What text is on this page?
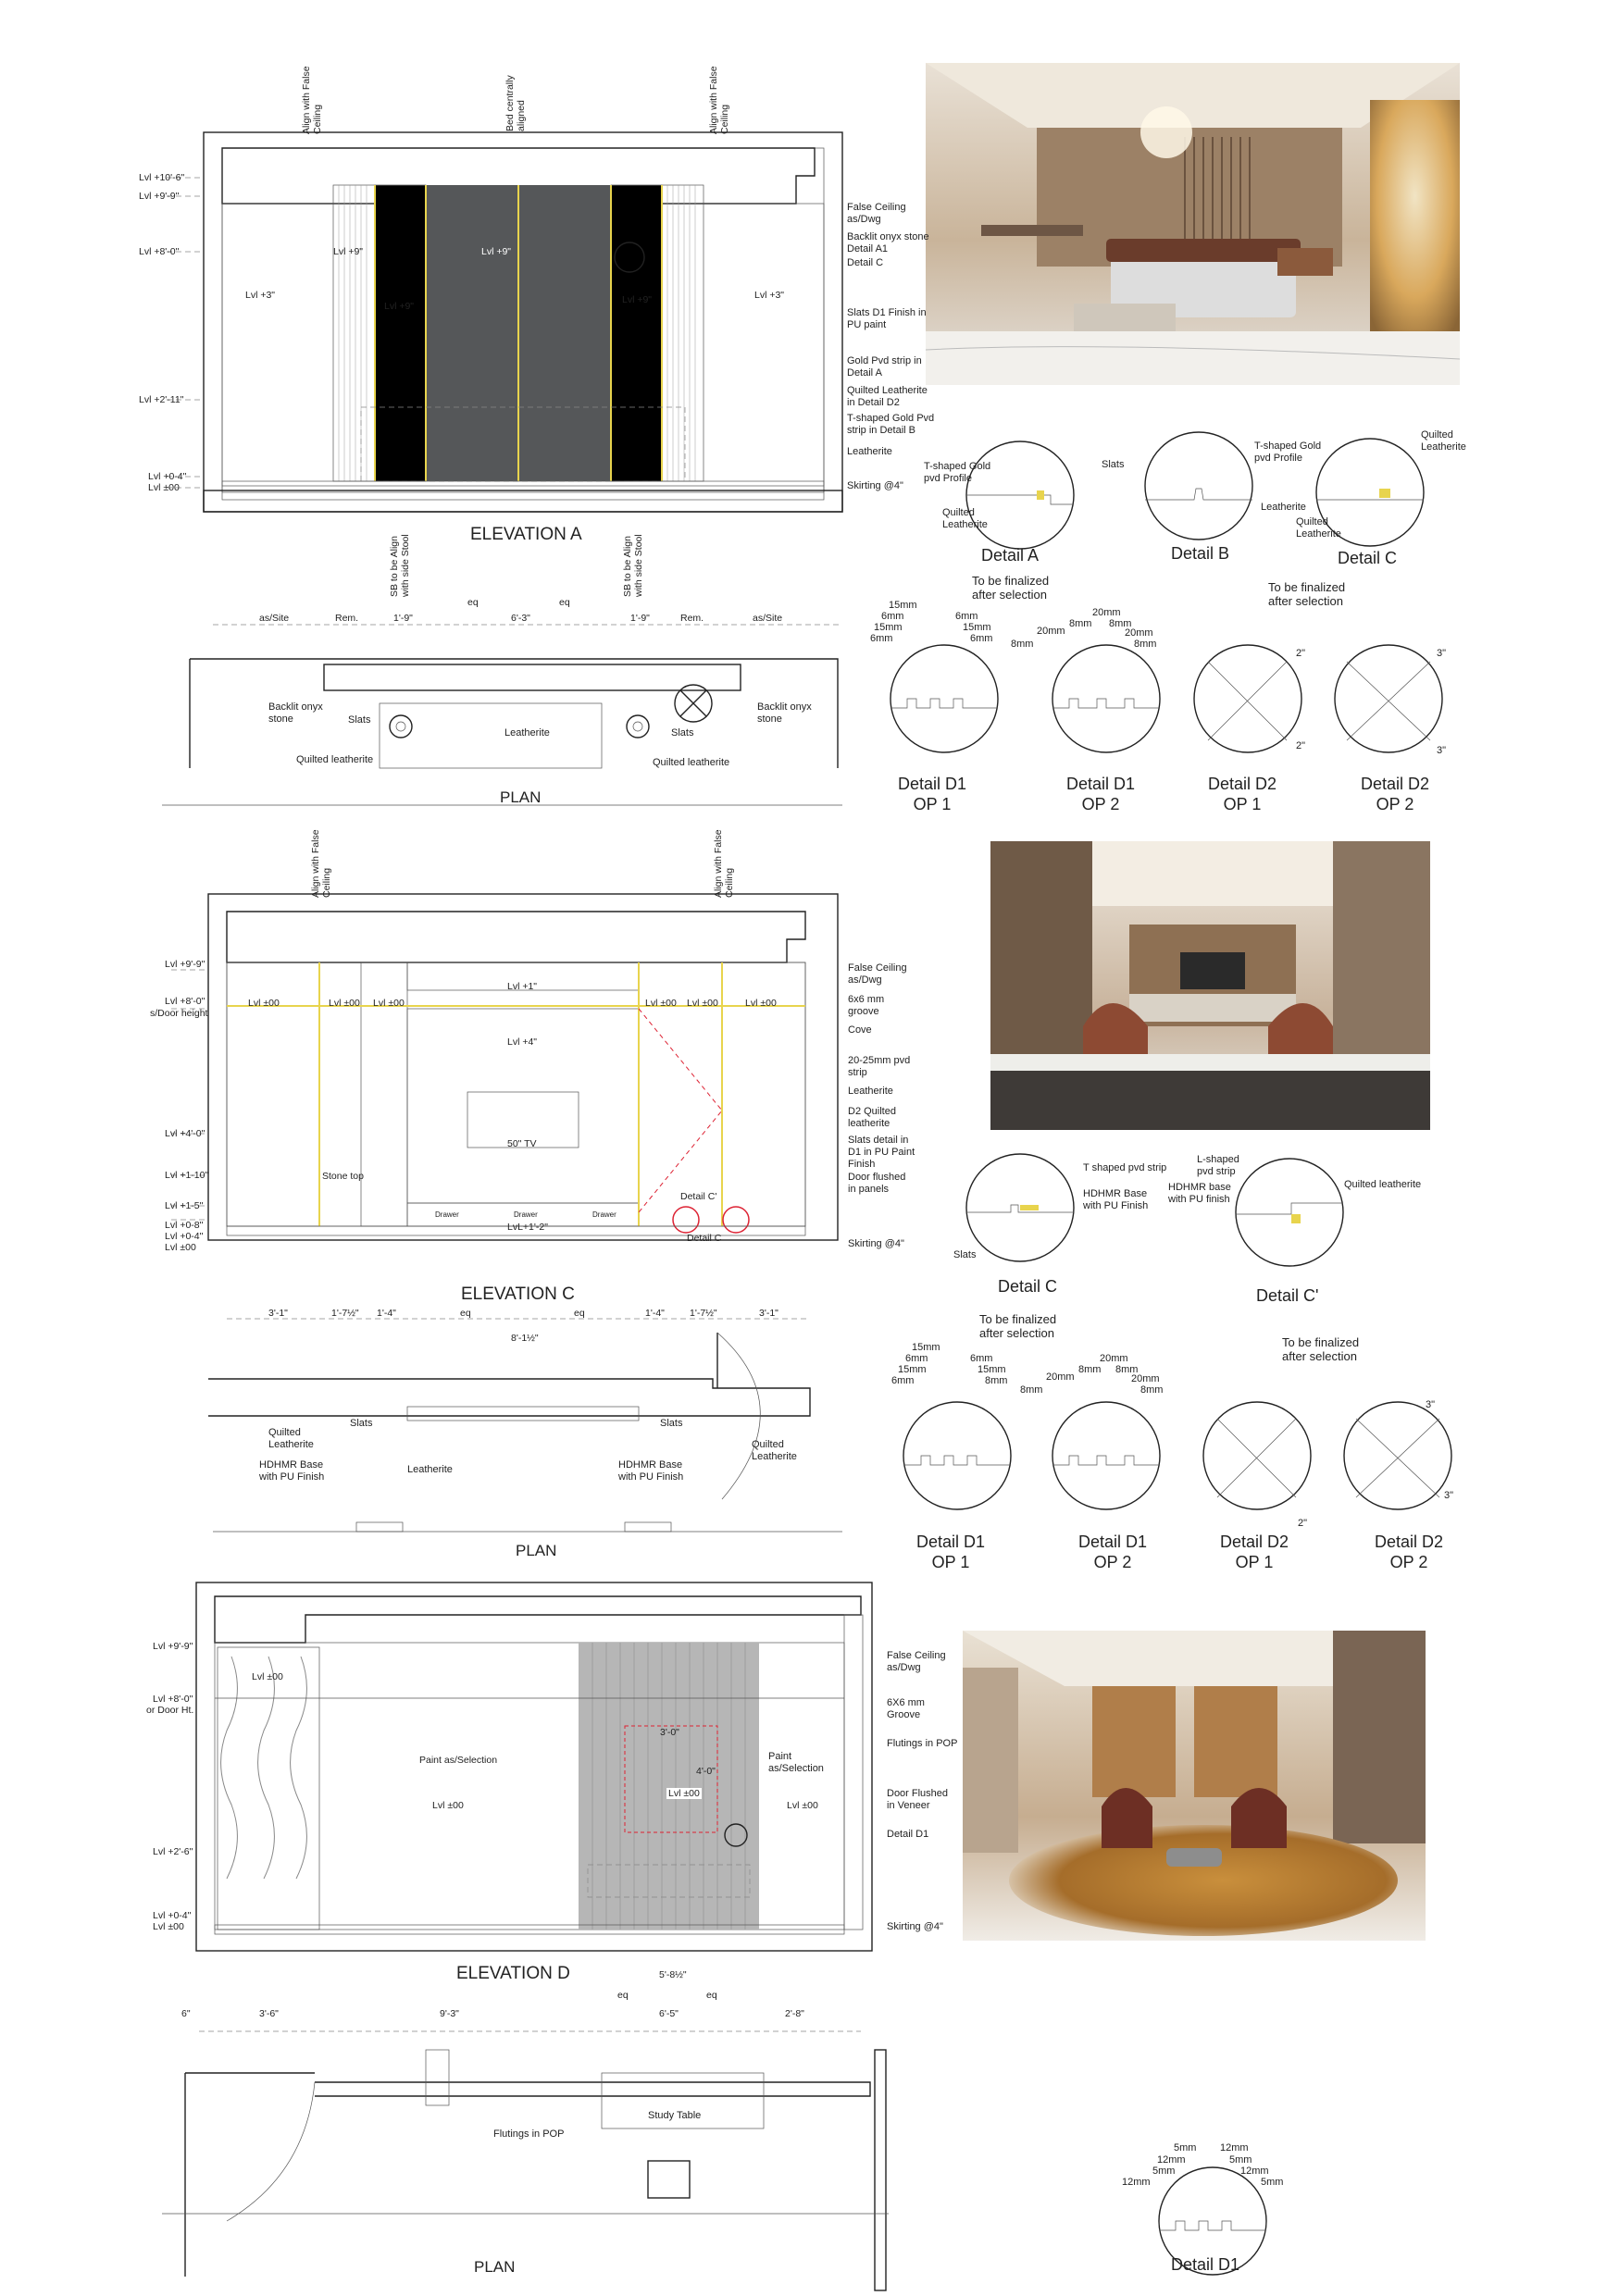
Align with False Ceiling	Bed centrally aligned	Align with False Ceiling
Lvl +10'-6"
Lvl +9'-9"
Lvl +8'-0"
Lvl +2'-11"
Lvl +0-4"
Lvl ±00
Lvl +3"
Lvl +9"
Lvl +9"
Lvl +9"
Lvl +9"	Lvl +3"
False Ceiling as/Dwg
Backlit onyx stone Detail A1
Detail C
Slats D1 Finish in PU paint
Gold Pvd strip in Detail A
Quilted Leatherite in Detail D2
T-shaped Gold Pvd strip in Detail B
Leatherite
Skirting @4"
ELEVATION A
SB to be Align with side Stool	SB to be Align with side Stool
as/Site	Rem.	1'-9"
eq
6'-3"
eq
1'-9"	Rem.	as/Site
Backlit onyx stone	Slats
Leatherite	Slats
Backlit onyx stone
Quilted leatherite	Quilted leatherite
PLAN
T-shaped Gold pvd Profile
Slats
Quilted Leatherite
Detail A
T-shaped Gold pvd Profile
Leatherite
Detail B
Quilted Leatherite
Quilted Leatherite
Detail C
To be finalized after selection
To be finalized after selection
15mm
6mm
15mm
6mm
6mm
15mm
6mm
20mm
8mm
20mm
8mm
20mm
8mm
8mm
2"
2"
3"
3"
Detail D1
OP 1
Detail D1
OP 2
Detail D2
OP 1
Detail D2
OP 2
Align with False Ceiling	Align with False Ceiling
Lvl +9'-9"
Lvl +8'-0"
s/Door height
Lvl +4'-0"
Lvl +1-10"
Lvl +1-5"
Lvl +0-8"
Lvl +0-4"
Lvl ±00
Lvl ±00	Lvl ±00 Lvl ±00
Lvl +1"
Lvl +4"
Lvl ±00 Lvl ±00	Lvl ±00
50" TV
Stone top
Drawer	Drawer	Drawer
LvL+1'-2"
Detail C'
Detail C
False Ceiling as/Dwg
6x6 mm groove
Cove
20-25mm pvd strip
Leatherite
D2 Quilted leatherite
Slats detail in D1 in PU Paint Finish
Door flushed in panels
Skirting @4"
ELEVATION C
3'-1"	1'-7½" 1'-4"	eq	eq	1'-4"	1'-7½"	3'-1"
8'-1½"
Quilted Leatherite
Slats
HDHMR Base with PU Finish
Leatherite	HDHMR Base with PU Finish
Slats
Quilted Leatherite
PLAN
T shaped pvd strip
HDHMR Base with PU Finish
Slats
Detail C
L-shaped pvd strip
HDHMR base with PU finish
Quilted leatherite
Detail C'
To be finalized after selection
To be finalized after selection
15mm
6mm
15mm
6mm
6mm
15mm
8mm
20mm
8mm
20mm
8mm
20mm
8mm
8mm
2"
3"
3"
Detail D1
OP 1
Detail D1
OP 2
Detail D2
OP 1
Detail D2
OP 2
Lvl +9'-9"
Lvl +8'-0"
or Door Ht.
Lvl +2'-6"
Lvl +0-4"
Lvl ±00
Lvl ±00
Paint as/Selection
Lvl ±00
Lvl ±00
Paint as/Selection
Lvl ±00
3'-0"
4'-0"
False Ceiling as/Dwg
6X6 mm Groove
Flutings in POP
Door Flushed in Veneer
Detail D1
Skirting @4"
ELEVATION D
6"	3'-6"	9'-3"
eq
6'-5"
eq
2'-8"
5'-8½"
Flutings in POP
Study Table
PLAN
5mm
12mm
12mm
5mm
5mm
12mm
12mm
5mm
Detail D1
